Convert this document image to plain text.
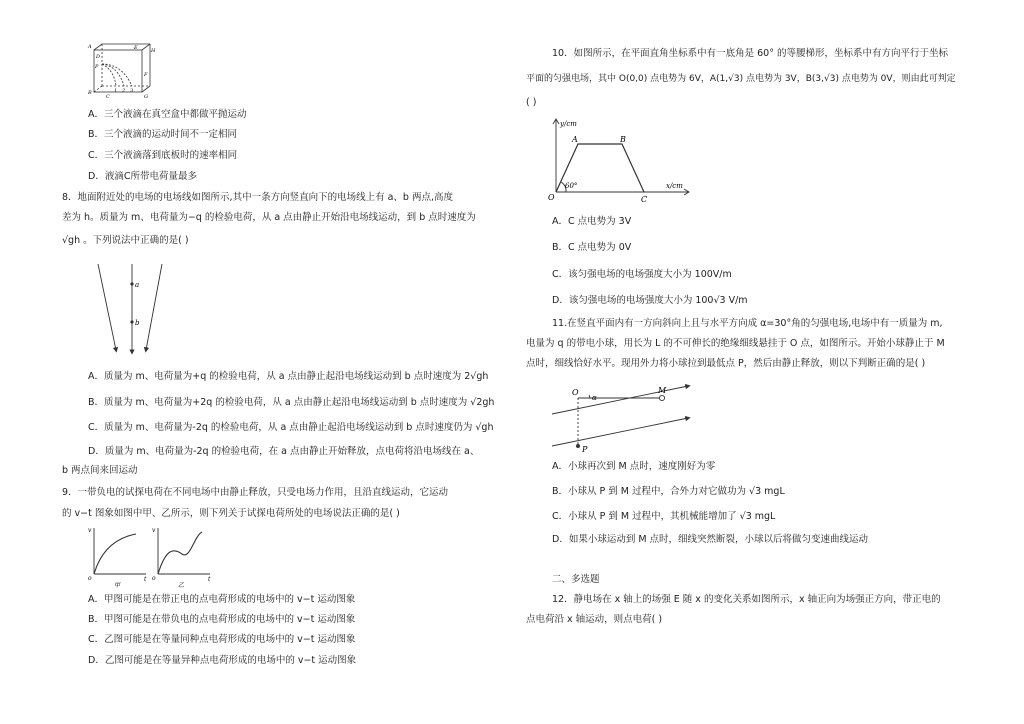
A
D
E	H
P
F
1 2 3
B
C	G
A．三个液滴在真空盒中都做平抛运动
B．三个液滴的运动时间不一定相同
C．三个液滴落到底板时的速率相同
D．液滴C所带电荷量最多
8．地面附近处的电场的电场线如图所示,其中一条方向竖直向下的电场线上有 a、b 两点,高度
差为 h。质量为 m、电荷量为−q 的检验电荷，从 a 点由静止开始沿电场线运动，到 b 点时速度为
√gh 。下列说法中正确的是( )
a
b
A．质量为 m、电荷量为+q 的检验电荷，从 a 点由静止起沿电场线运动到 b 点时速度为 2√gh
B．质量为 m、电荷量为+2q 的检验电荷，从 a 点由静止起沿电场线运动到 b 点时速度为 √2gh
C．质量为 m、电荷量为-2q 的检验电荷，从 a 点由静止起沿电场线运动到 b 点时速度仍为 √gh
D．质量为 m、电荷量为-2q 的检验电荷，在 a 点由静止开始释放，点电荷将沿电场线在 a、
b 两点间来回运动
9．一带负电的试探电荷在不同电场中由静止释放，只受电场力作用，且沿直线运动，它运动
的 v−t 图象如图中甲、乙所示，则下列关于试探电荷所处的电场说法正确的是( )
v
t
o
甲
v
t
o
乙
A．甲图可能是在带正电的点电荷形成的电场中的 v−t 运动图象
B．甲图可能是在带负电的点电荷形成的电场中的 v−t 运动图象
C．乙图可能是在等量同种点电荷形成的电场中的 v−t 运动图象
D．乙图可能是在等量异种点电荷形成的电场中的 v−t 运动图象
10．如图所示，在平面直角坐标系中有一底角是 60° 的等腰梯形，坐标系中有方向平行于坐标
平面的匀强电场，其中 O(0,0) 点电势为 6V，A(1,√3) 点电势为 3V，B(3,√3) 点电势为 0V，则由此可判定
( )
y/cm
A	B
O
60°
C
x/cm
A．C 点电势为 3V
B．C 点电势为 0V
C．该匀强电场的电场强度大小为 100V/m
D．该匀强电场的电场强度大小为 100√3 V/m
11.在竖直平面内有一方向斜向上且与水平方向成 α=30°角的匀强电场,电场中有一质量为 m,
电量为 q 的带电小球，用长为 L 的不可伸长的绝缘细线悬挂于 O 点，如图所示。开始小球静止于 M
点时，细线恰好水平。现用外力将小球拉到最低点 P，然后由静止释放，则以下判断正确的是( )
O
α
M
P
A．小球再次到 M 点时，速度刚好为零
B．小球从 P 到 M 过程中，合外力对它做功为 √3 mgL
C．小球从 P 到 M 过程中，其机械能增加了 √3 mgL
D．如果小球运动到 M 点时，细线突然断裂，小球以后将做匀变速曲线运动
二、多选题
12．静电场在 x 轴上的场强 E 随 x 的变化关系如图所示，x 轴正向为场强正方向，带正电的
点电荷沿 x 轴运动，则点电荷( )
